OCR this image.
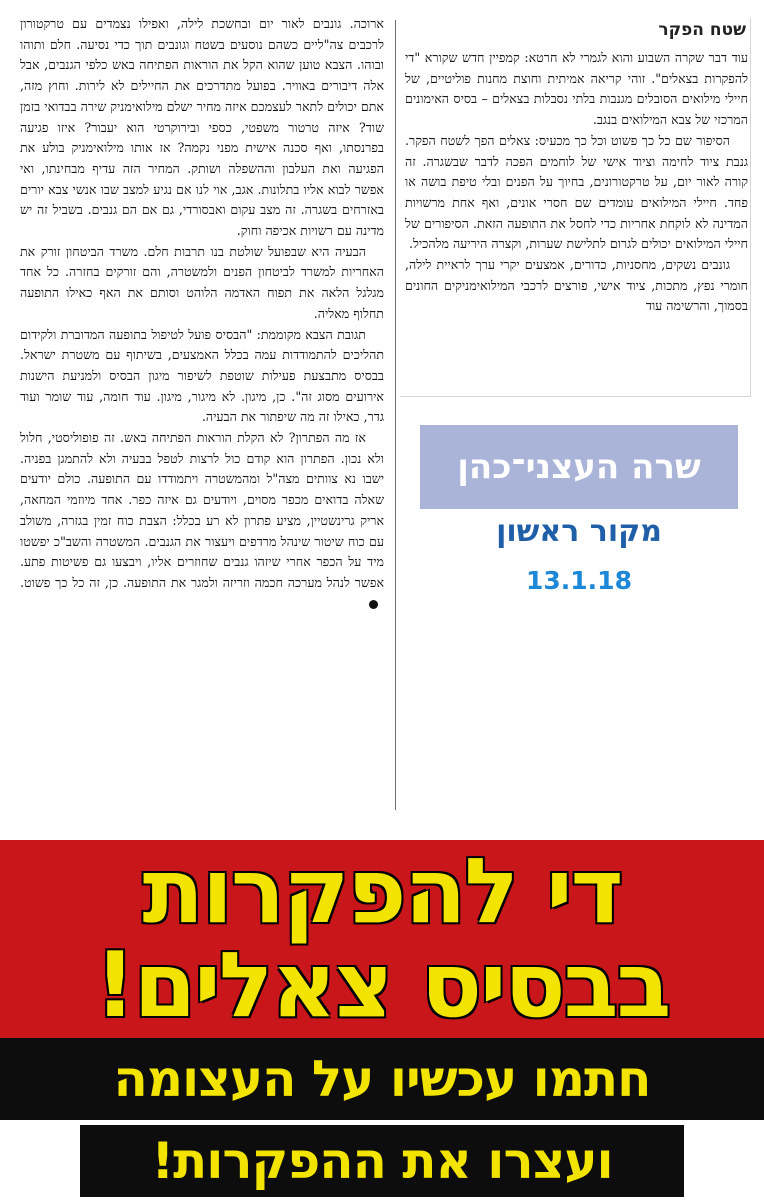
שטח הפקר

עוד דבר שקרה השבוע והוא לגמרי לא חרטא: קמפיין חדש שקורא "די להפקרות בצאלים". זוהי קריאה אמיתית וחוצת מחנות פוליטיים, של חיילי מילואים הסובלים מגנבות בלתי נסבלות בצאלים – בסיס האימונים המרכזי של צבא המילואים בנגב.

הסיפור שם כל כך פשוט וכל כך מכעיס: צאלים הפך לשטח הפקר. גנבת ציוד לחימה וציוד אישי של לוחמים הפכה לדבר שבשגרה. זה קורה לאור יום, על טרקטורונים, בחיוך על הפנים ובלי טיפת בושה או פחד. חיילי המילואים עומדים שם חסרי אונים, ואף אחת מרשויות המדינה לא לוקחת אחריות כדי לחסל את התופעה הזאת. הסיפורים של חיילי המילואים יכולים לגרום לתלישת שערות, וקצרה היריעה מלהכיל.

גונבים נשקים, מחסניות, כדורים, אמצעים יקרי ערך לראיית לילה, חומרי נפץ, מתכות, ציוד אישי, פורצים לרכבי המילואימניקים החונים בסמוך, והרשימה עוד

ארוכה. גונבים לאור יום ובחשכת לילה, ואפילו נצמדים עם טרקטורון לרכבים צה"ליים כשהם נוסעים בשטח וגונבים תוך כדי נסיעה. חלם ותוהו ובוהו. הצבא טוען שהוא הקל את הוראות הפתיחה באש כלפי הגנבים, אבל אלה דיבורים באוויר. בפועל מתדרכים את החיילים לא לירות. וחוץ מזה, אתם יכולים לתאר לעצמכם איזה מחיר ישלם מילואימניק שירה בבדואי בזמן שוד? איזה טרטור משפטי, כספי ובירוקרטי הוא יעבור? איזו פגיעה בפרנסתו, ואף סכנה אישית מפני נקמה? אז אותו מילואימניק בולע את הפגיעה ואת העלבון וההשפלה ושותק. המחיר הזה עדיף מבחינתו, ואי אפשר לבוא אליו בתלונות. אגב, אוי לנו אם נגיע למצב שבו אנשי צבא יורים באזרחים בשגרה. זה מצב עקום ואבסורדי, גם אם הם גנבים. בשביל זה יש מדינה עם רשויות אכיפה וחוק.

הבעיה היא שבפועל שולטת בנו תרבות חלם. משרד הביטחון זורק את האחריות למשרד לביטחון הפנים ולמשטרה, והם זורקים בחזרה. כל אחד מגלגל הלאה את תפוח האדמה הלוהט וסותם את האף כאילו התופעה תחלוף מאליה.

תגובת הצבא מקוממת: "הבסיס פועל לטיפול בתופעה המדוברת ולקידום תהליכים להתמודדות עמה בכלל האמצעים, בשיתוף עם משטרת ישראל. בבסיס מתבצעת פעילות שוטפת לשיפור מיגון הבסיס ולמניעת הישנות אירועים מסוג זה". כן, מיגון. לא מיגור, מיגון. עוד חומה, עוד שומר ועוד גדר, כאילו זה מה שיפתור את הבעיה.

אז מה הפתרון? לא הקלת הוראות הפתיחה באש. זה פופוליסטי, חלול ולא נכון. הפתרון הוא קודם כול לרצות לטפל בבעיה ולא להתמגן בפניה. ישבו נא צוותים מצה"ל ומהמשטרה ויתמודדו עם התופעה. כולם יודעים שאלה בדואים מכפר מסוים, ויודעים גם איזה כפר. אחד מיוזמי המחאה, אריק גרינשטיין, מציע פתרון לא רע בכלל: הצבת כוח זמין בגזרה, משולב עם כוח שיטור שינהל מרדפים ויעצור את הגנבים. המשטרה והשב"כ יפשטו מיד על הכפר אחרי שיזהו גנבים שחוזרים אליו, ויבצעו גם פשיטות פתע. אפשר לנהל מערכה חכמה וזריזה ולמגר את התופעה. כן, זה כל כך פשוט.

שרה העצני־כהן
מקור ראשון
13.1.18
די להפקרות
בבסיס צאלים!
חתמו עכשיו על העצומה
ועצרו את ההפקרות!
